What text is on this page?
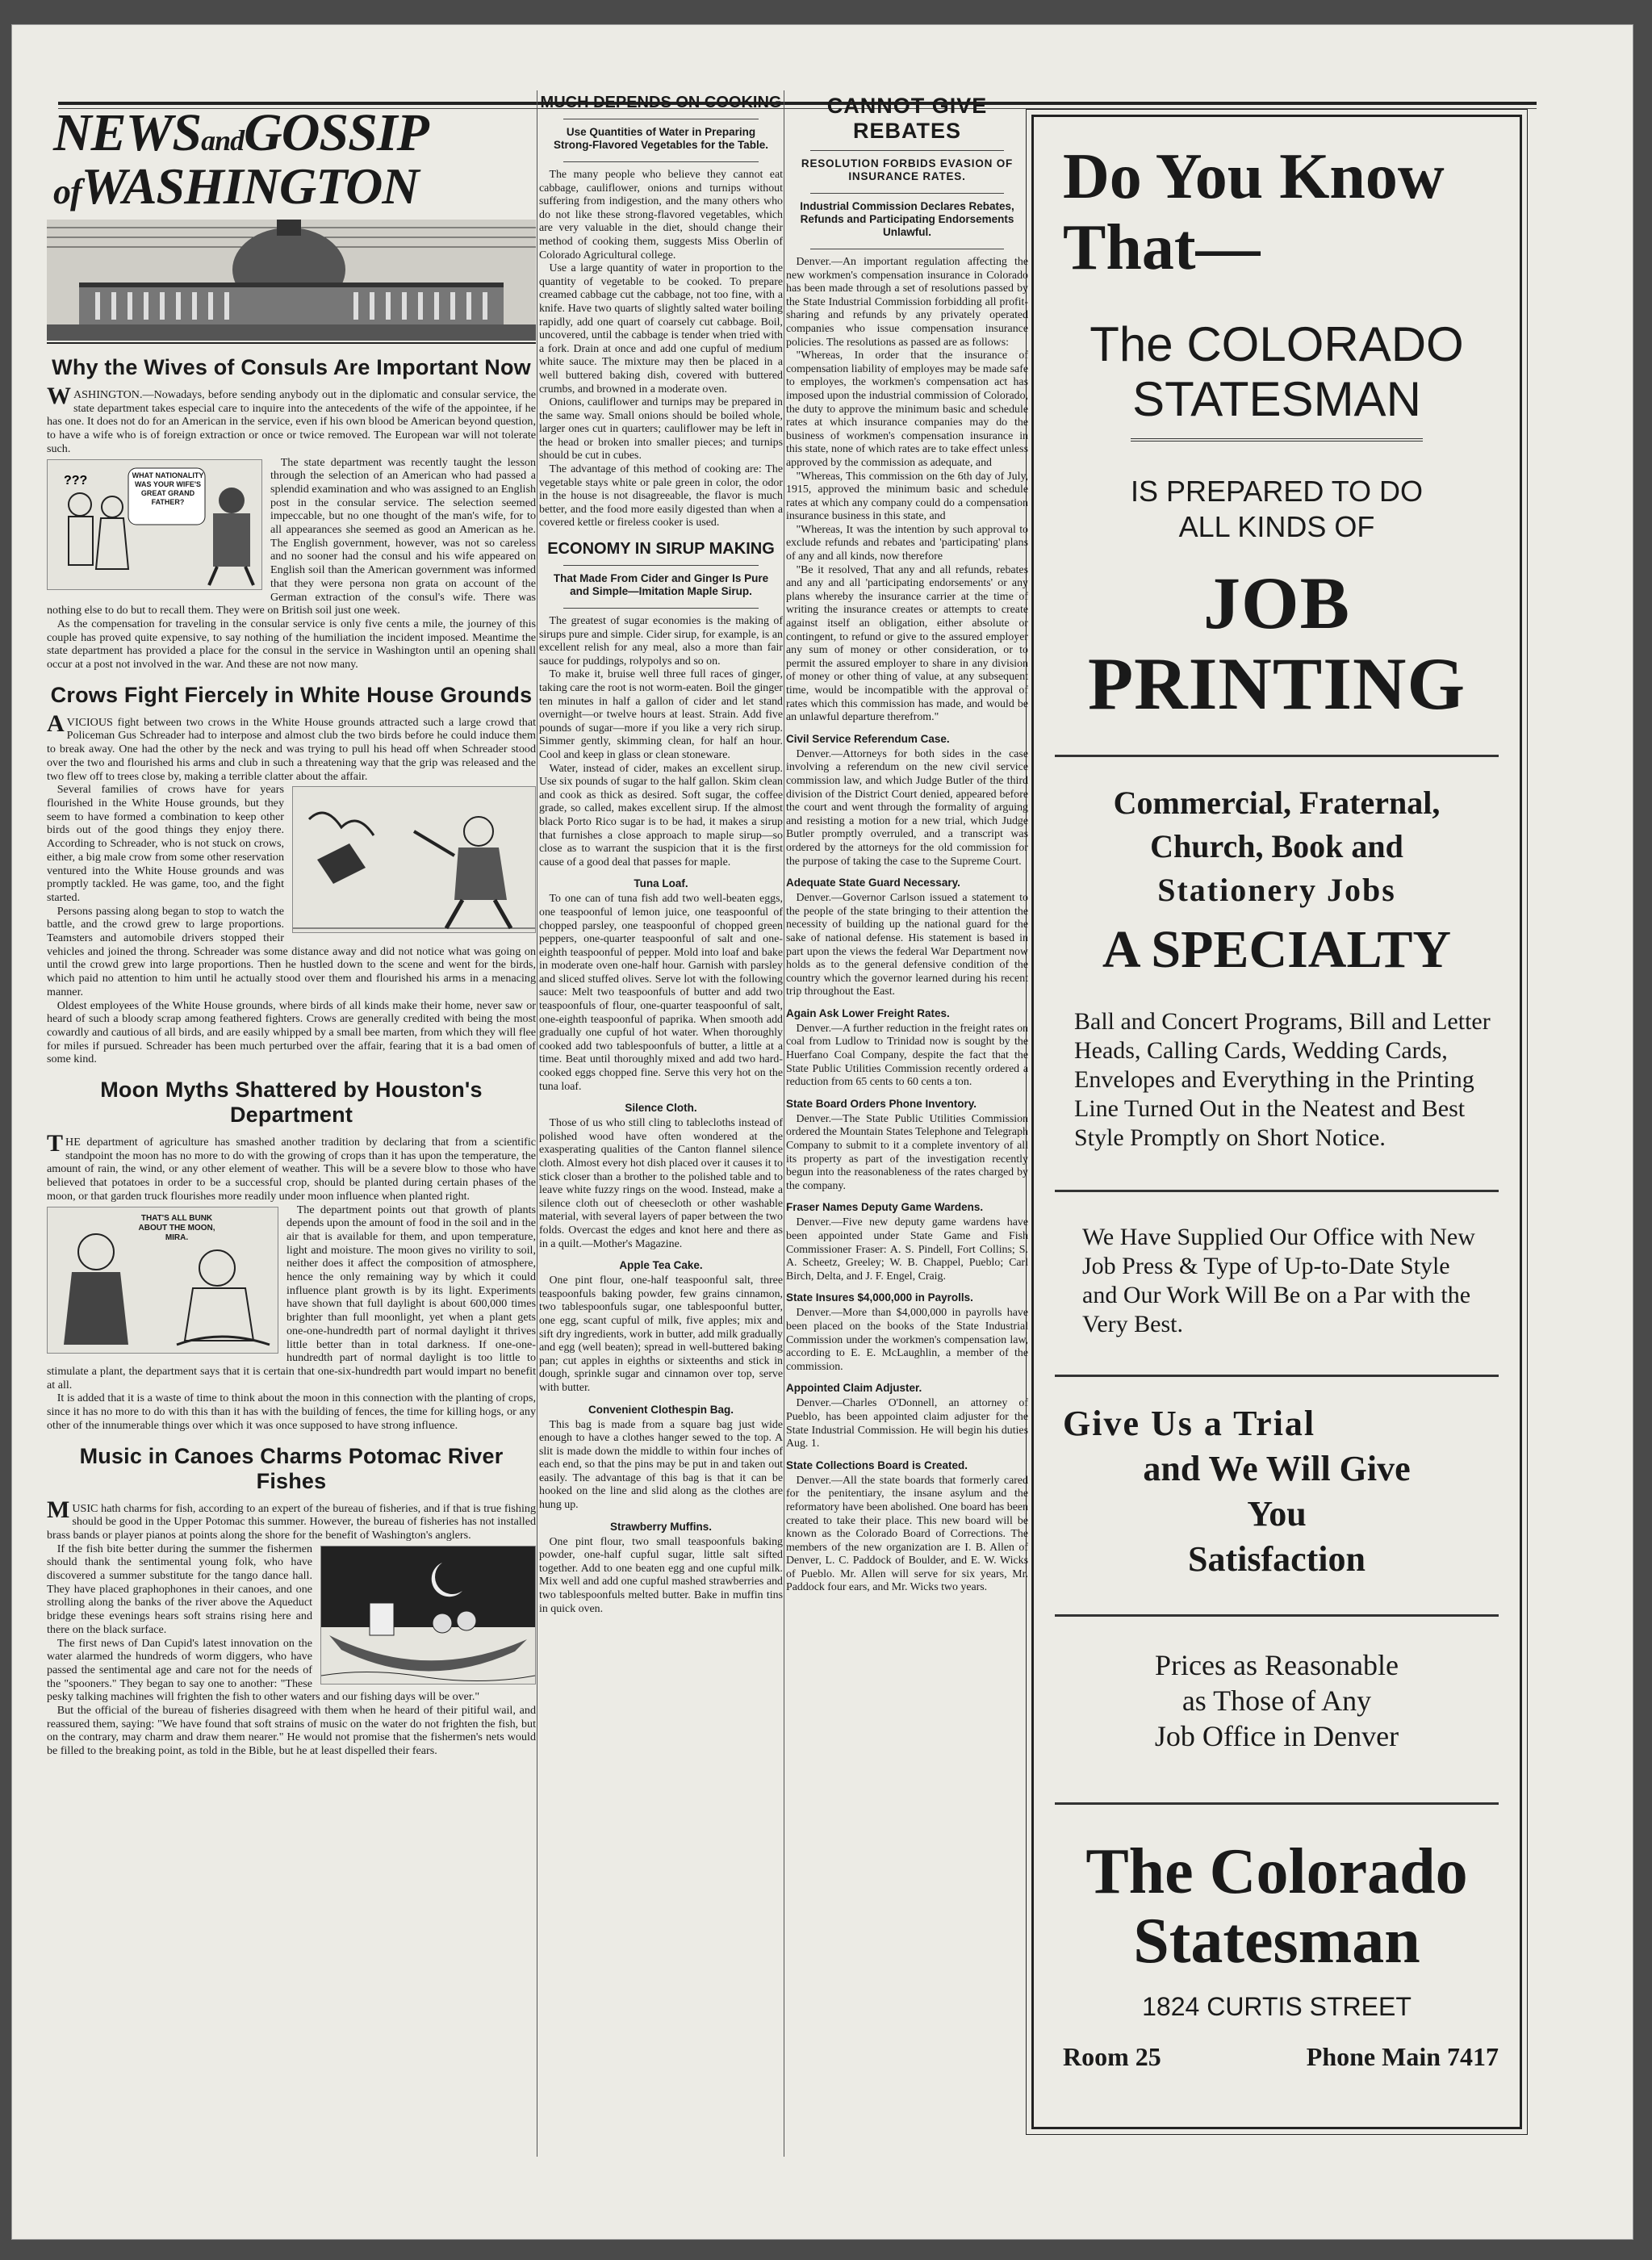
NEWSandGOSSIP
ofWASHINGTON
Why the Wives of Consuls Are Important Now

WASHINGTON.—Nowadays, before sending anybody out in the diplomatic and consular service, the state department takes especial care to inquire into the antecedents of the wife of the appointee, if he has one. It does not do for an American in the service, even if his own blood be American beyond question, to have a wife who is of foreign extraction or once or twice removed. The European war will not tolerate such.

???	WHAT NATIONALITY WAS YOUR WIFE'S GREAT GRAND FATHER?

The state department was recently taught the lesson through the selection of an American who had passed a splendid examination and who was assigned to an English post in the consular service. The selection seemed impeccable, but no one thought of the man's wife, for to all appearances she seemed as good an American as he. The English government, however, was not so careless and no sooner had the consul and his wife appeared on English soil than the American government was informed that they were persona non grata on account of the German extraction of the consul's wife. There was nothing else to do but to recall them. They were on British soil just one week.

As the compensation for traveling in the consular service is only five cents a mile, the journey of this couple has proved quite expensive, to say nothing of the humiliation the incident imposed. Meantime the state department has provided a place for the consul in the service in Washington until an opening shall occur at a post not involved in the war. And these are not now many.

Crows Fight Fiercely in White House Grounds

AVICIOUS fight between two crows in the White House grounds attracted such a large crowd that Policeman Gus Schreader had to interpose and almost club the two birds before he could induce them to break away. One had the other by the neck and was trying to pull his head off when Schreader stood over the two and flourished his arms and club in such a threatening way that the grip was released and the two flew off to trees close by, making a terrible clatter about the affair.

Several families of crows have for years flourished in the White House grounds, but they seem to have formed a combination to keep other birds out of the good things they enjoy there. According to Schreader, who is not stuck on crows, either, a big male crow from some other reservation ventured into the White House grounds and was promptly tackled. He was game, too, and the fight started.

Persons passing along began to stop to watch the battle, and the crowd grew to large proportions. Teamsters and automobile drivers stopped their vehicles and joined the throng. Schreader was some distance away and did not notice what was going on until the crowd grew into large proportions. Then he hustled down to the scene and went for the birds, which paid no attention to him until he actually stood over them and flourished his arms in a menacing manner.

Oldest employees of the White House grounds, where birds of all kinds make their home, never saw or heard of such a bloody scrap among feathered fighters. Crows are generally credited with being the most cowardly and cautious of all birds, and are easily whipped by a small bee marten, from which they will flee for miles if pursued. Schreader has been much perturbed over the affair, fearing that it is a bad omen of some kind.

Moon Myths Shattered by Houston's Department

THE department of agriculture has smashed another tradition by declaring that from a scientific standpoint the moon has no more to do with the growing of crops than it has upon the temperature, the amount of rain, the wind, or any other element of weather. This will be a severe blow to those who have believed that potatoes in order to be a successful crop, should be planted during certain phases of the moon, or that garden truck flourishes more readily under moon influence when planted right.

THAT'S ALL BUNK ABOUT THE MOON, MIRA.

The department points out that growth of plants depends upon the amount of food in the soil and in the air that is available for them, and upon temperature, light and moisture. The moon gives no virility to soil, neither does it affect the composition of atmosphere, hence the only remaining way by which it could influence plant growth is by its light. Experiments have shown that full daylight is about 600,000 times brighter than full moonlight, yet when a plant gets one-one-hundredth part of normal daylight it thrives little better than in total darkness. If one-one-hundredth part of normal daylight is too little to stimulate a plant, the department says that it is certain that one-six-hundredth part would impart no benefit at all.

It is added that it is a waste of time to think about the moon in this connection with the planting of crops, since it has no more to do with this than it has with the building of fences, the time for killing hogs, or any other of the innumerable things over which it was once supposed to have strong influence.

Music in Canoes Charms Potomac River Fishes

MUSIC hath charms for fish, according to an expert of the bureau of fisheries, and if that is true fishing should be good in the Upper Potomac this summer. However, the bureau of fisheries has not installed brass bands or player pianos at points along the shore for the benefit of Washington's anglers.

If the fish bite better during the summer the fishermen should thank the sentimental young folk, who have discovered a summer substitute for the tango dance hall. They have placed graphophones in their canoes, and one strolling along the banks of the river above the Aqueduct bridge these evenings hears soft strains rising here and there on the black surface.

The first news of Dan Cupid's latest innovation on the water alarmed the hundreds of worm diggers, who have passed the sentimental age and care not for the needs of the "spooners." They began to say one to another: "These pesky talking machines will frighten the fish to other waters and our fishing days will be over."

But the official of the bureau of fisheries disagreed with them when he heard of their pitiful wail, and reassured them, saying: "We have found that soft strains of music on the water do not frighten the fish, but on the contrary, may charm and draw them nearer." He would not promise that the fishermen's nets would be filled to the breaking point, as told in the Bible, but he at least dispelled their fears.

MUCH DEPENDS ON COOKING
Use Quantities of Water in Preparing Strong-Flavored Vegetables for the Table.

The many people who believe they cannot eat cabbage, cauliflower, onions and turnips without suffering from indigestion, and the many others who do not like these strong-flavored vegetables, which are very valuable in the diet, should change their method of cooking them, suggests Miss Oberlin of Colorado Agricultural college.

Use a large quantity of water in proportion to the quantity of vegetable to be cooked. To prepare creamed cabbage cut the cabbage, not too fine, with a knife. Have two quarts of slightly salted water boiling rapidly, add one quart of coarsely cut cabbage. Boil, uncovered, until the cabbage is tender when tried with a fork. Drain at once and add one cupful of medium white sauce. The mixture may then be placed in a well buttered baking dish, covered with buttered crumbs, and browned in a moderate oven.

Onions, cauliflower and turnips may be prepared in the same way. Small onions should be boiled whole, larger ones cut in quarters; cauliflower may be left in the head or broken into smaller pieces; and turnips should be cut in cubes.

The advantage of this method of cooking are: The vegetable stays white or pale green in color, the odor in the house is not disagreeable, the flavor is much better, and the food more easily digested than when a covered kettle or fireless cooker is used.

ECONOMY IN SIRUP MAKING
That Made From Cider and Ginger Is Pure and Simple—Imitation Maple Sirup.

The greatest of sugar economies is the making of sirups pure and simple. Cider sirup, for example, is an excellent relish for any meal, also a more than fair sauce for puddings, rolypolys and so on.

To make it, bruise well three full races of ginger, taking care the root is not worm-eaten. Boil the ginger ten minutes in half a gallon of cider and let stand overnight—or twelve hours at least. Strain. Add five pounds of sugar—more if you like a very rich sirup. Simmer gently, skimming clean, for half an hour. Cool and keep in glass or clean stoneware.

Water, instead of cider, makes an excellent sirup. Use six pounds of sugar to the half gallon. Skim clean and cook as thick as desired. Soft sugar, the coffee grade, so called, makes excellent sirup. If the almost black Porto Rico sugar is to be had, it makes a sirup that furnishes a close approach to maple sirup—so close as to warrant the suspicion that it is the first cause of a good deal that passes for maple.

Tuna Loaf.

To one can of tuna fish add two well-beaten eggs, one teaspoonful of lemon juice, one teaspoonful of chopped parsley, one teaspoonful of chopped green peppers, one-quarter teaspoonful of salt and one-eighth teaspoonful of pepper. Mold into loaf and bake in moderate oven one-half hour. Garnish with parsley and sliced stuffed olives. Serve lot with the following sauce: Melt two teaspoonfuls of butter and add two teaspoonfuls of flour, one-quarter teaspoonful of salt, one-eighth teaspoonful of paprika. When smooth add gradually one cupful of hot water. When thoroughly cooked add two tablespoonfuls of butter, a little at a time. Beat until thoroughly mixed and add two hard-cooked eggs chopped fine. Serve this very hot on the tuna loaf.

Silence Cloth.

Those of us who still cling to tablecloths instead of polished wood have often wondered at the exasperating qualities of the Canton flannel silence cloth. Almost every hot dish placed over it causes it to stick closer than a brother to the polished table and to leave white fuzzy rings on the wood. Instead, make a silence cloth out of cheesecloth or other washable material, with several layers of paper between the two folds. Overcast the edges and knot here and there as in a quilt.—Mother's Magazine.

Apple Tea Cake.

One pint flour, one-half teaspoonful salt, three teaspoonfuls baking powder, few grains cinnamon, two tablespoonfuls sugar, one tablespoonful butter, one egg, scant cupful of milk, five apples; mix and sift dry ingredients, work in butter, add milk gradually and egg (well beaten); spread in well-buttered baking pan; cut apples in eighths or sixteenths and stick in dough, sprinkle sugar and cinnamon over top, serve with butter.

Convenient Clothespin Bag.

This bag is made from a square bag just wide enough to have a clothes hanger sewed to the top. A slit is made down the middle to within four inches of each end, so that the pins may be put in and taken out easily. The advantage of this bag is that it can be hooked on the line and slid along as the clothes are hung up.

Strawberry Muffins.

One pint flour, two small teaspoonfuls baking powder, one-half cupful sugar, little salt sifted together. Add to one beaten egg and one cupful milk. Mix well and add one cupful mashed strawberries and two tablespoonfuls melted butter. Bake in muffin tins in quick oven.

CANNOT GIVE REBATES
RESOLUTION FORBIDS EVASION OF INSURANCE RATES.
Industrial Commission Declares Rebates, Refunds and Participating Endorsements Unlawful.

Denver.—An important regulation affecting the new workmen's compensation insurance in Colorado has been made through a set of resolutions passed by the State Industrial Commission forbidding all profit-sharing and refunds by any privately operated companies who issue compensation insurance policies. The resolutions as passed are as follows:

"Whereas, In order that the insurance of compensation liability of employes may be made safe to employes, the workmen's compensation act has imposed upon the industrial commission of Colorado, the duty to approve the minimum basic and schedule rates at which insurance companies may do the business of workmen's compensation insurance in this state, none of which rates are to take effect unless approved by the commission as adequate, and

"Whereas, This commission on the 6th day of July, 1915, approved the minimum basic and schedule rates at which any company could do a compensation insurance business in this state, and

"Whereas, It was the intention by such approval to exclude refunds and rebates and 'participating' plans of any and all kinds, now therefore

"Be it resolved, That any and all refunds, rebates and any and all 'participating endorsements' or any plans whereby the insurance carrier at the time of writing the insurance creates or attempts to create against itself an obligation, either absolute or contingent, to refund or give to the assured employer any sum of money or other consideration, or to permit the assured employer to share in any division of money or other thing of value, at any subsequent time, would be incompatible with the approval of rates which this commission has made, and would be an unlawful departure therefrom."

Civil Service Referendum Case.

Denver.—Attorneys for both sides in the case involving a referendum on the new civil service commission law, and which Judge Butler of the third division of the District Court denied, appeared before the court and went through the formality of arguing and resisting a motion for a new trial, which Judge Butler promptly overruled, and a transcript was ordered by the attorneys for the old commission for the purpose of taking the case to the Supreme Court.

Adequate State Guard Necessary.

Denver.—Governor Carlson issued a statement to the people of the state bringing to their attention the necessity of building up the national guard for the sake of national defense. His statement is based in part upon the views the federal War Department now holds as to the general defensive condition of the country which the governor learned during his recent trip throughout the East.

Again Ask Lower Freight Rates.

Denver.—A further reduction in the freight rates on coal from Ludlow to Trinidad now is sought by the Huerfano Coal Company, despite the fact that the State Public Utilities Commission recently ordered a reduction from 65 cents to 60 cents a ton.

State Board Orders Phone Inventory.

Denver.—The State Public Utilities Commission ordered the Mountain States Telephone and Telegraph Company to submit to it a complete inventory of all its property as part of the investigation recently begun into the reasonableness of the rates charged by the company.

Fraser Names Deputy Game Wardens.

Denver.—Five new deputy game wardens have been appointed under State Game and Fish Commissioner Fraser: A. S. Pindell, Fort Collins; S. A. Scheetz, Greeley; W. B. Chappel, Pueblo; Carl Birch, Delta, and J. F. Engel, Craig.

State Insures $4,000,000 in Payrolls.

Denver.—More than $4,000,000 in payrolls have been placed on the books of the State Industrial Commission under the workmen's compensation law, according to E. E. McLaughlin, a member of the commission.

Appointed Claim Adjuster.

Denver.—Charles O'Donnell, an attorney of Pueblo, has been appointed claim adjuster for the State Industrial Commission. He will begin his duties Aug. 1.

State Collections Board is Created.

Denver.—All the state boards that formerly cared for the penitentiary, the insane asylum and the reformatory have been abolished. One board has been created to take their place. This new board will be known as the Colorado Board of Corrections. The members of the new organization are I. B. Allen of Denver, L. C. Paddock of Boulder, and E. W. Wicks of Pueblo. Mr. Allen will serve for six years, Mr. Paddock four ears, and Mr. Wicks two years.

Do You Know
That—
The COLORADO
STATESMAN
IS PREPARED TO DO
ALL KINDS OF
JOB PRINTING
Commercial, Fraternal,
Church, Book and
Stationery Jobs
A SPECIALTY
Ball and Concert Programs, Bill and Letter Heads, Calling Cards, Wedding Cards, Envelopes and Everything in the Printing Line Turned Out in the Neatest and Best Style Promptly on Short Notice.
We Have Supplied Our Office with New Job Press & Type of Up-to-Date Style and Our Work Will Be on a Par with the Very Best.
Give Us a Trial
and We Will Give
You
Satisfaction
Prices as Reasonable
as Those of Any
Job Office in Denver
The Colorado
Statesman
1824 CURTIS STREET
Room 25	Phone Main 7417
